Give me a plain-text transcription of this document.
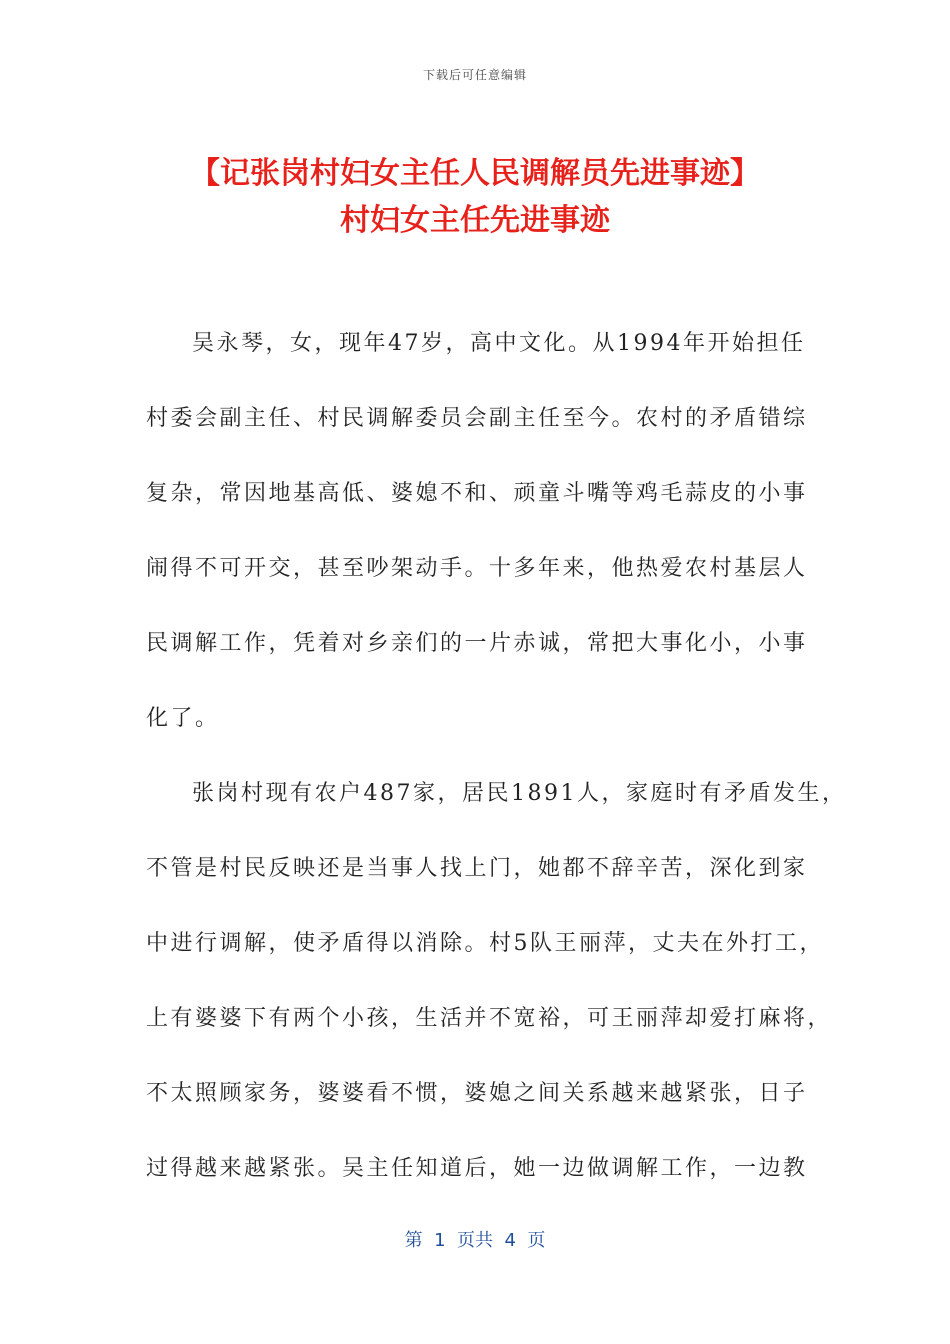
下载后可任意编辑
【记张岗村妇女主任人民调解员先进事迹】
村妇女主任先进事迹
吴永琴，女，现年47岁，高中文化。从1994年开始担任
村委会副主任、村民调解委员会副主任至今。农村的矛盾错综
复杂，常因地基高低、婆媳不和、顽童斗嘴等鸡毛蒜皮的小事
闹得不可开交，甚至吵架动手。十多年来，他热爱农村基层人
民调解工作，凭着对乡亲们的一片赤诚，常把大事化小，小事
化了。
张岗村现有农户487家，居民1891人，家庭时有矛盾发生，
不管是村民反映还是当事人找上门，她都不辞辛苦，深化到家
中进行调解，使矛盾得以消除。村5队王丽萍，丈夫在外打工，
上有婆婆下有两个小孩，生活并不宽裕，可王丽萍却爱打麻将，
不太照顾家务，婆婆看不惯，婆媳之间关系越来越紧张，日子
过得越来越紧张。吴主任知道后，她一边做调解工作，一边教
第  1  页共  4  页
